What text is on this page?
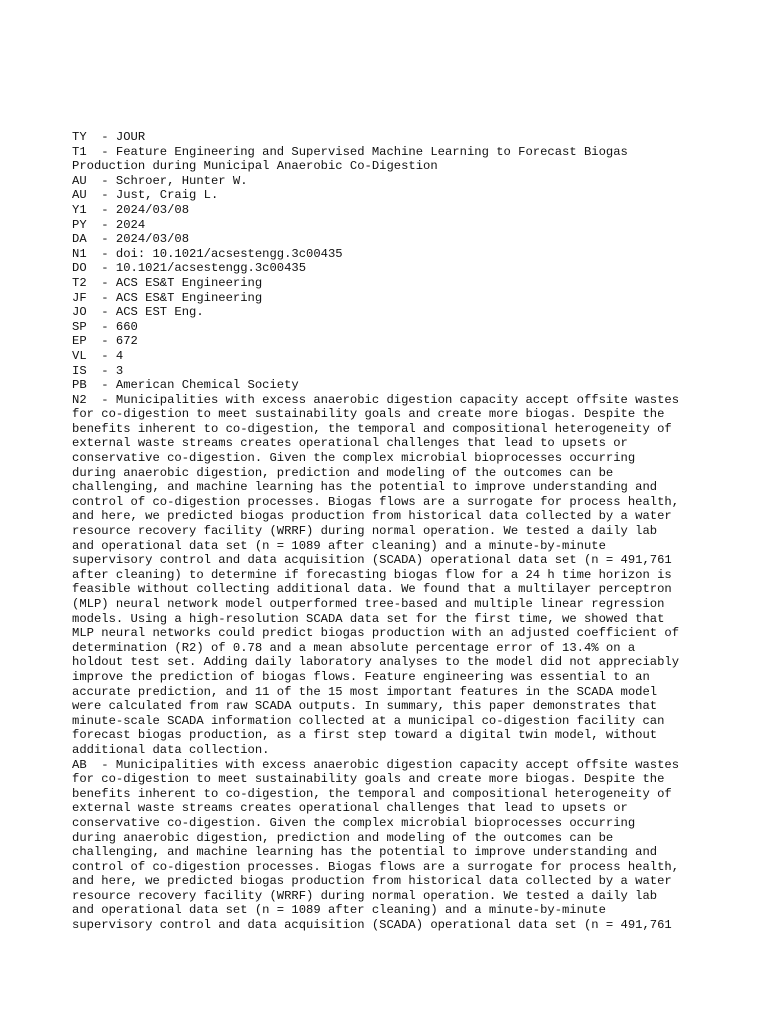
TY  - JOUR
T1  - Feature Engineering and Supervised Machine Learning to Forecast Biogas
Production during Municipal Anaerobic Co-Digestion
AU  - Schroer, Hunter W.
AU  - Just, Craig L.
Y1  - 2024/03/08
PY  - 2024
DA  - 2024/03/08
N1  - doi: 10.1021/acsestengg.3c00435
DO  - 10.1021/acsestengg.3c00435
T2  - ACS ES&T Engineering
JF  - ACS ES&T Engineering
JO  - ACS EST Eng.
SP  - 660
EP  - 672
VL  - 4
IS  - 3
PB  - American Chemical Society
N2  - Municipalities with excess anaerobic digestion capacity accept offsite wastes
for co-digestion to meet sustainability goals and create more biogas. Despite the
benefits inherent to co-digestion, the temporal and compositional heterogeneity of
external waste streams creates operational challenges that lead to upsets or
conservative co-digestion. Given the complex microbial bioprocesses occurring
during anaerobic digestion, prediction and modeling of the outcomes can be
challenging, and machine learning has the potential to improve understanding and
control of co-digestion processes. Biogas flows are a surrogate for process health,
and here, we predicted biogas production from historical data collected by a water
resource recovery facility (WRRF) during normal operation. We tested a daily lab
and operational data set (n = 1089 after cleaning) and a minute-by-minute
supervisory control and data acquisition (SCADA) operational data set (n = 491,761
after cleaning) to determine if forecasting biogas flow for a 24 h time horizon is
feasible without collecting additional data. We found that a multilayer perceptron
(MLP) neural network model outperformed tree-based and multiple linear regression
models. Using a high-resolution SCADA data set for the first time, we showed that
MLP neural networks could predict biogas production with an adjusted coefficient of
determination (R2) of 0.78 and a mean absolute percentage error of 13.4% on a
holdout test set. Adding daily laboratory analyses to the model did not appreciably
improve the prediction of biogas flows. Feature engineering was essential to an
accurate prediction, and 11 of the 15 most important features in the SCADA model
were calculated from raw SCADA outputs. In summary, this paper demonstrates that
minute-scale SCADA information collected at a municipal co-digestion facility can
forecast biogas production, as a first step toward a digital twin model, without
additional data collection.
AB  - Municipalities with excess anaerobic digestion capacity accept offsite wastes
for co-digestion to meet sustainability goals and create more biogas. Despite the
benefits inherent to co-digestion, the temporal and compositional heterogeneity of
external waste streams creates operational challenges that lead to upsets or
conservative co-digestion. Given the complex microbial bioprocesses occurring
during anaerobic digestion, prediction and modeling of the outcomes can be
challenging, and machine learning has the potential to improve understanding and
control of co-digestion processes. Biogas flows are a surrogate for process health,
and here, we predicted biogas production from historical data collected by a water
resource recovery facility (WRRF) during normal operation. We tested a daily lab
and operational data set (n = 1089 after cleaning) and a minute-by-minute
supervisory control and data acquisition (SCADA) operational data set (n = 491,761
